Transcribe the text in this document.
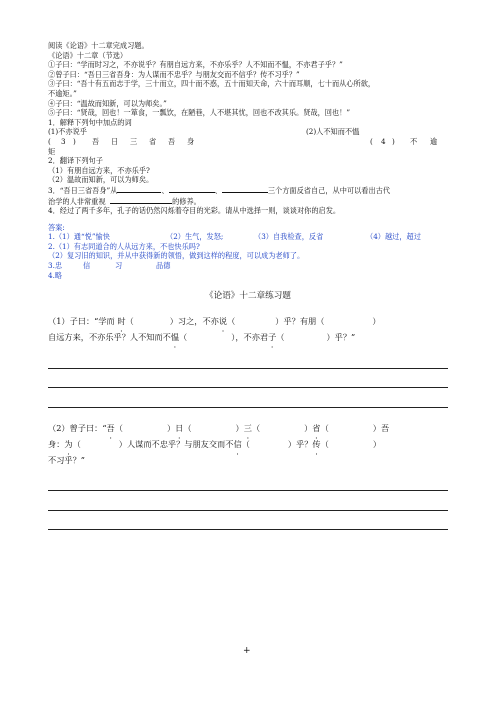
阅读《论语》十二章完成习题。
《论语》十二章（节选）
①子曰：“学而时习之，不亦说乎？有朋自远方来，不亦乐乎？人不知而不愠，不亦君子乎？”
②曾子曰：“吾日三省吾身：为人谋而不忠乎？与朋友交而不信乎？传不习乎？”
③子曰：“吾十有五而志于学，三十而立，四十而不惑，五十而知天命，六十而耳顺，七十而从心所欲，
不逾矩。”
④子曰：“温故而知新，可以为师矣。”
⑤子曰：“贤哉，回也！一箪食，一瓢饮，在陋巷，人不堪其忧，回也不改其乐。贤哉，回也！”
1．解释下列句中加点的词
(1)不亦说乎	(2)人不知而不愠
( 3 ) 吾 日 三 省 吾 身	( 4 ) 不 逾

矩
2．翻译下列句子
（1）有朋自远方来，不亦乐乎?
（2）温故而知新，可以为师矣。
3．“吾日三省吾身”从	、	、	三个方面反省自己，从中可以看出古代
治学的人非常重视	的修养。
4．经过了两千多年，孔子的话仍然闪烁着夺目的光彩。请从中选择一则，谈谈对你的启发。
答案:
1.（1）通“悦”愉快	（2）生气，发怒;	（3）自我检查，反省	（4）越过，超过
2.（1）有志同道合的人从远方来，不也快乐吗?
（2）复习旧的知识，并从中获得新的领悟，做到这样的程度，可以成为老师了。
3.忠	信	习	品德
4.略
《论语》十二章练习题
（1）子曰：“学而 时（	）习之，不亦说（	）乎？有朋（	）
自远方来，不亦乐乎？人不知而不愠（	），不亦君子（	）乎？”
（2）曾子曰：“吾（	）日（	）三（	）省（	）吾
身：为（	）人谋而不忠乎？与朋友交而不信（	）乎？传（	）
不习乎？”
+
